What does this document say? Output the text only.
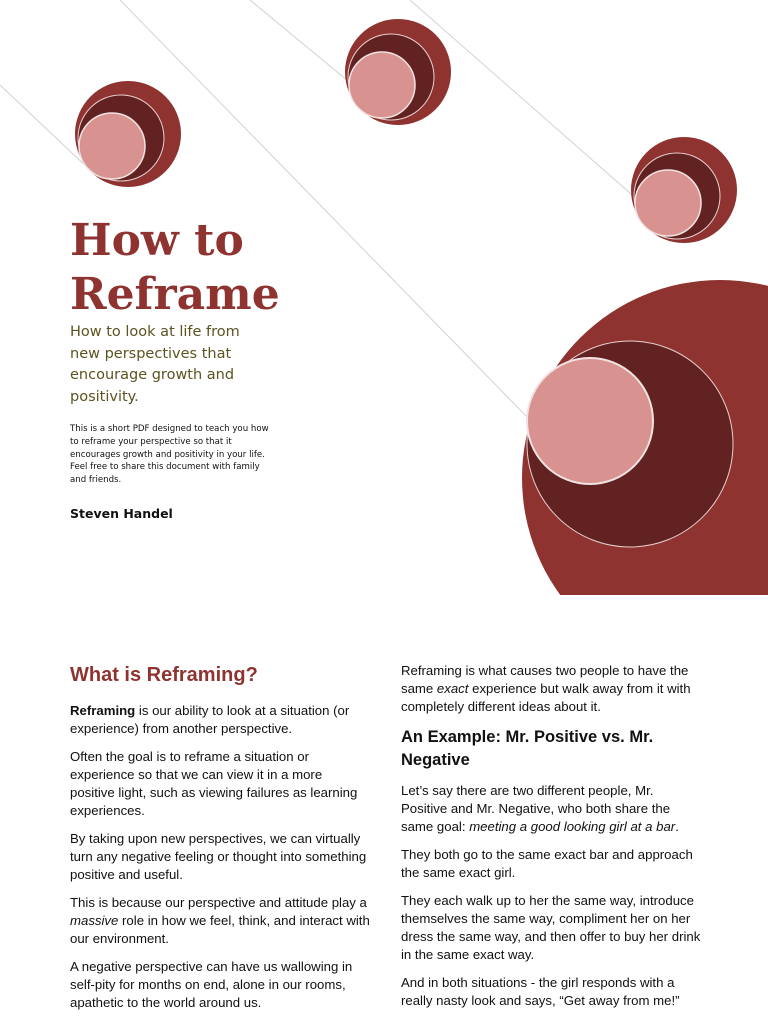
How to
Reframe

How to look at life from new perspectives that encourage growth and positivity.

This is a short PDF designed to teach you how to reframe your perspective so that it encourages growth and positivity in your life. Feel free to share this document with family and friends.

Steven Handel

What is Reframing?

Reframing is our ability to look at a situation (or experience) from another perspective.

Often the goal is to reframe a situation or experience so that we can view it in a more positive light, such as viewing failures as learning experiences.

By taking upon new perspectives, we can virtually turn any negative feeling or thought into something positive and useful.

This is because our perspective and attitude play a massive role in how we feel, think, and interact with our environment.

A negative perspective can have us wallowing in self-pity for months on end, alone in our rooms, apathetic to the world around us.

Reframing is what causes two people to have the same exact experience but walk away from it with completely different ideas about it.

An Example: Mr. Positive vs. Mr. Negative

Let’s say there are two different people, Mr. Positive and Mr. Negative, who both share the same goal: meeting a good looking girl at a bar.

They both go to the same exact bar and approach the same exact girl.

They each walk up to her the same way, introduce themselves the same way, compliment her on her dress the same way, and then offer to buy her drink in the same exact way.

And in both situations - the girl responds with a really nasty look and says, “Get away from me!”
